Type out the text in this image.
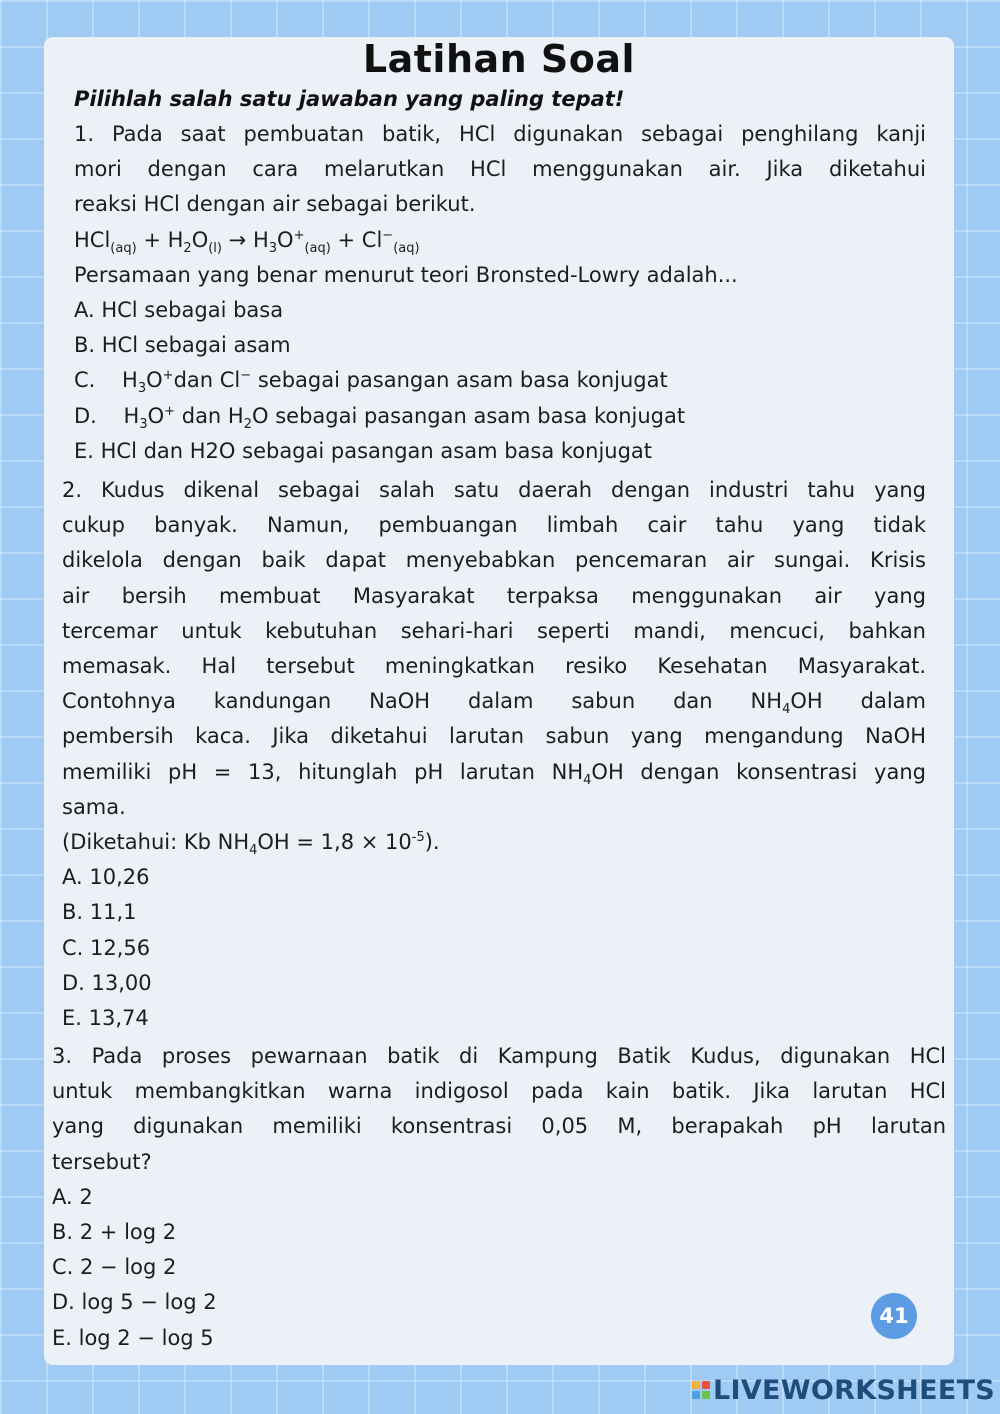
Latihan Soal
Pilihlah salah satu jawaban yang paling tepat!
1. Pada saat pembuatan batik, HCl digunakan sebagai penghilang kanji
mori dengan cara melarutkan HCl menggunakan air. Jika diketahui
reaksi HCl dengan air sebagai berikut.
$HCl_{(aq)} + H_2O_{(l)} \to H_3O^+_{(aq)} + Cl^-_{(aq)}$
Persamaan yang benar menurut teori Bronsted-Lowry adalah...
A. HCl sebagai basa
B. HCl sebagai asam
C.    $H_3O^+dan$ Cl− sebagai pasangan asam basa konjugat
D.    $H_3O^+$ dan $H_2O$ sebagai pasangan asam basa konjugat
E. HCl dan H2O sebagai pasangan asam basa konjugat
2. Kudus dikenal sebagai salah satu daerah dengan industri tahu yang
cukup banyak. Namun, pembuangan limbah cair tahu yang tidak
dikelola dengan baik dapat menyebabkan pencemaran air sungai. Krisis
air bersih membuat Masyarakat terpaksa menggunakan air yang
tercemar untuk kebutuhan sehari-hari seperti mandi, mencuci, bahkan
memasak. Hal tersebut meningkatkan resiko Kesehatan Masyarakat.
Contohnya kandungan NaOH dalam sabun dan $NH_4OH$ dalam
pembersih kaca. Jika diketahui larutan sabun yang mengandung NaOH
memiliki pH = 13, hitunglah pH larutan $NH_4OH$ dengan konsentrasi yang
sama.
(Diketahui: Kb $NH_4OH = 1,8 \times 10^{-5}$).
A. 10,26
B. 11,1
C. 12,56
D. 13,00
E. 13,74
3. Pada proses pewarnaan batik di Kampung Batik Kudus, digunakan HCl
untuk membangkitkan warna indigosol pada kain batik. Jika larutan HCl
yang digunakan memiliki konsentrasi 0,05 M, berapakah pH larutan
tersebut?
A. 2
B. 2 + log 2
C. 2 − log 2
D. log 5 − log 2
E. log 2 − log 5
41
LIVEWORKSHEETS
